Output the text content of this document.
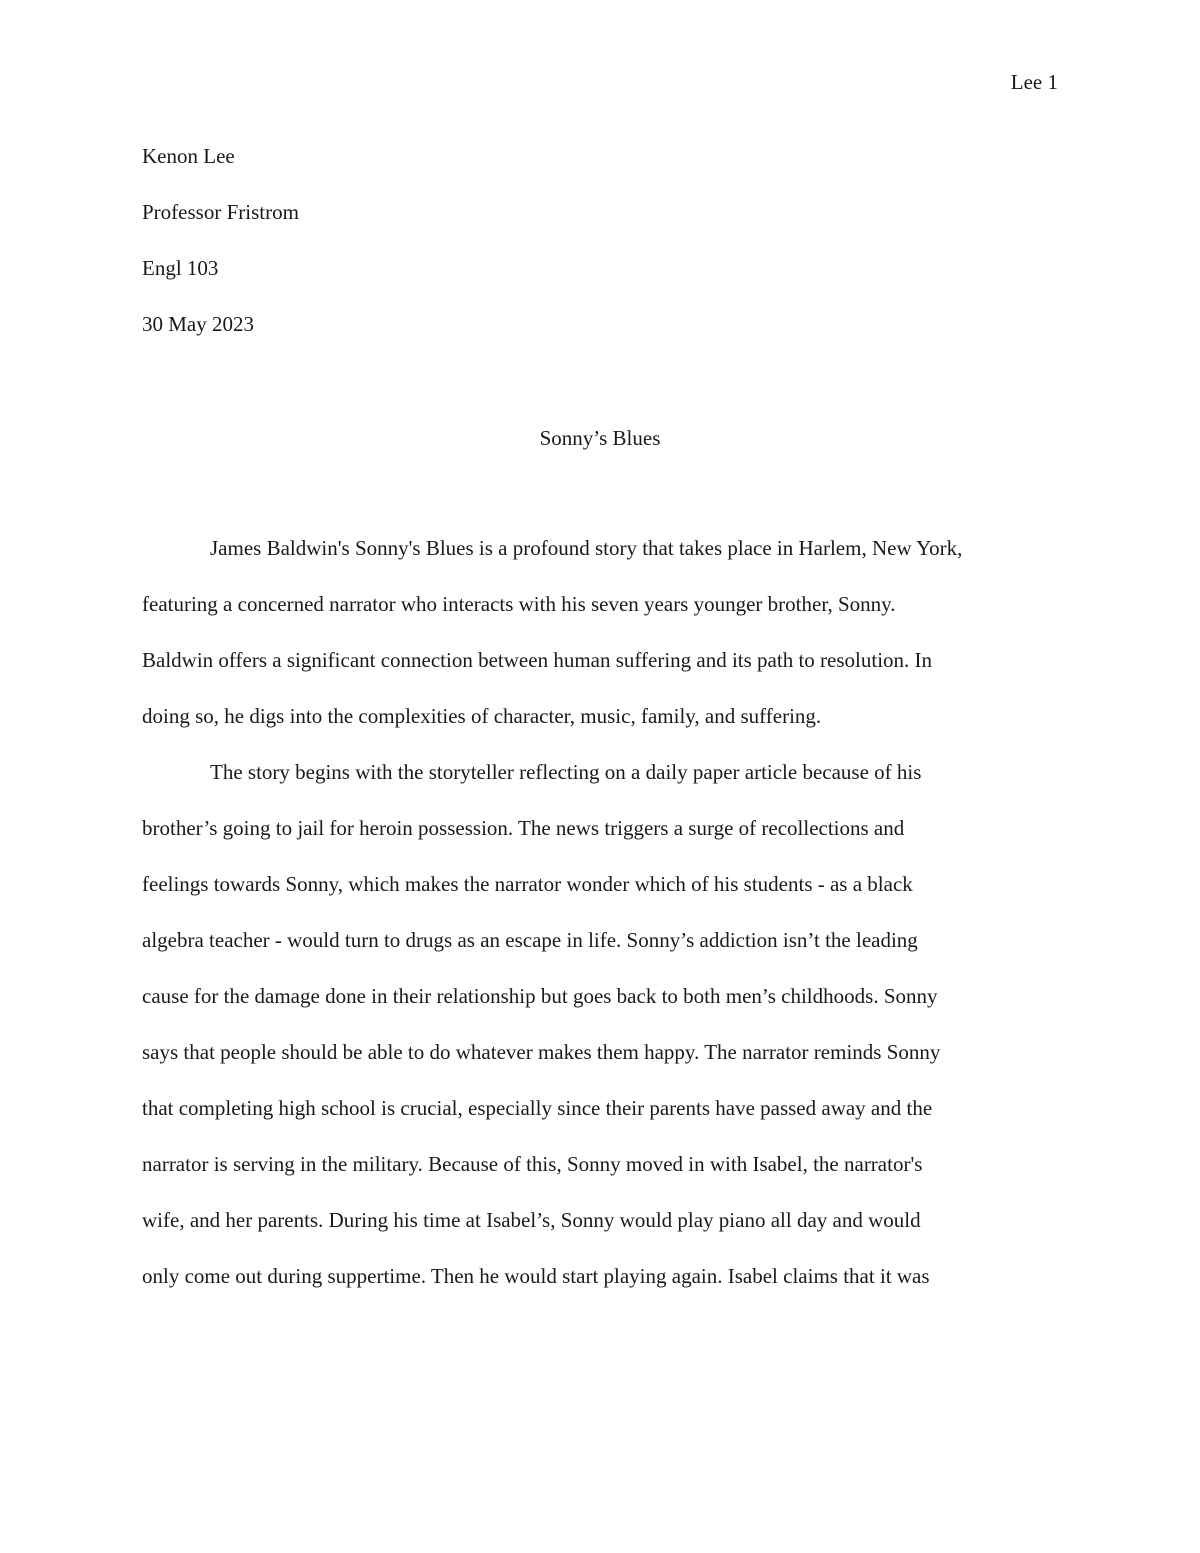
Lee 1
Kenon Lee
Professor Fristrom
Engl 103
30 May 2023
Sonny’s Blues
James Baldwin's Sonny's Blues is a profound story that takes place in Harlem, New York,
featuring a concerned narrator who interacts with his seven years younger brother, Sonny.
Baldwin offers a significant connection between human suffering and its path to resolution. In
doing so, he digs into the complexities of character, music, family, and suffering.
The story begins with the storyteller reflecting on a daily paper article because of his
brother’s going to jail for heroin possession. The news triggers a surge of recollections and
feelings towards Sonny, which makes the narrator wonder which of his students - as a black
algebra teacher - would turn to drugs as an escape in life. Sonny’s addiction isn’t the leading
cause for the damage done in their relationship but goes back to both men’s childhoods. Sonny
says that people should be able to do whatever makes them happy. The narrator reminds Sonny
that completing high school is crucial, especially since their parents have passed away and the
narrator is serving in the military. Because of this, Sonny moved in with Isabel, the narrator's
wife, and her parents. During his time at Isabel’s, Sonny would play piano all day and would
only come out during suppertime. Then he would start playing again. Isabel claims that it was
